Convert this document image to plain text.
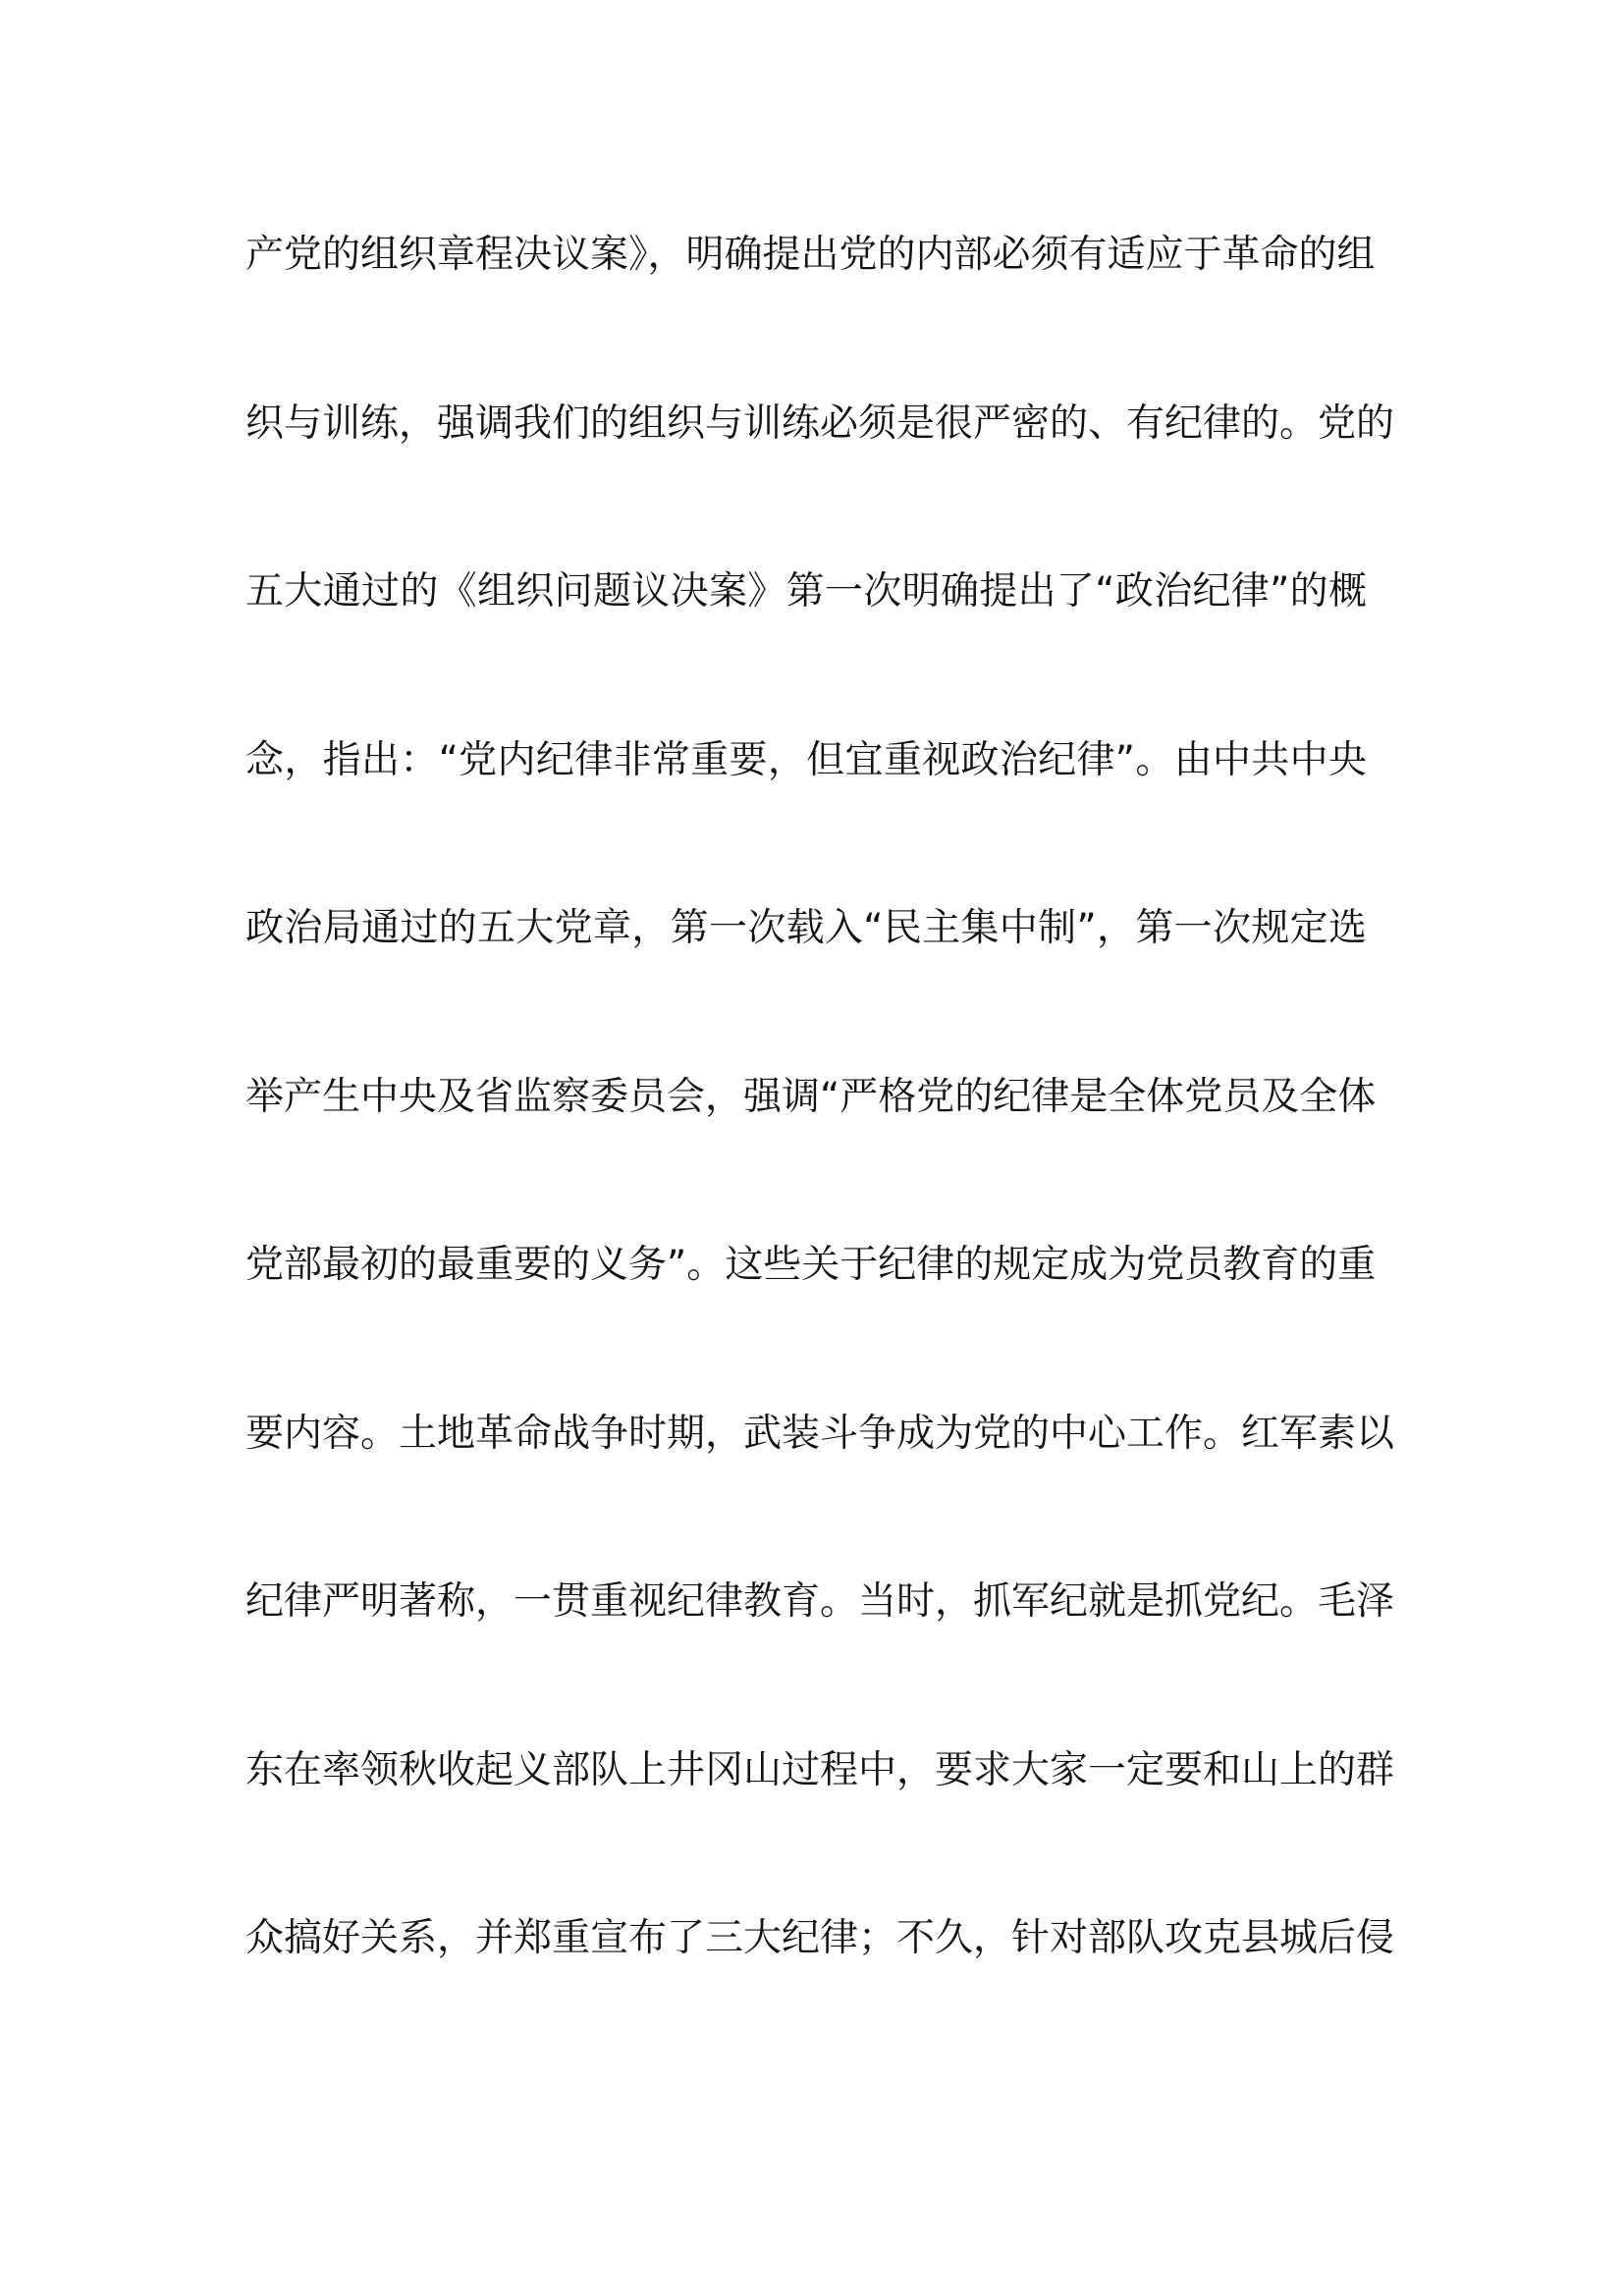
产党的组织章程决议案》，明确提出党的内部必须有适应于革命的组
织与训练，强调我们的组织与训练必须是很严密的、有纪律的。党的
五大通过的《组织问题议决案》第一次明确提出了“政治纪律”的概
念，指出：“党内纪律非常重要，但宜重视政治纪律”。由中共中央
政治局通过的五大党章，第一次载入“民主集中制”，第一次规定选
举产生中央及省监察委员会，强调“严格党的纪律是全体党员及全体
党部最初的最重要的义务”。这些关于纪律的规定成为党员教育的重
要内容。土地革命战争时期，武装斗争成为党的中心工作。红军素以
纪律严明著称，一贯重视纪律教育。当时，抓军纪就是抓党纪。毛泽
东在率领秋收起义部队上井冈山过程中，要求大家一定要和山上的群
众搞好关系，并郑重宣布了三大纪律；不久，针对部队攻克县城后侵
